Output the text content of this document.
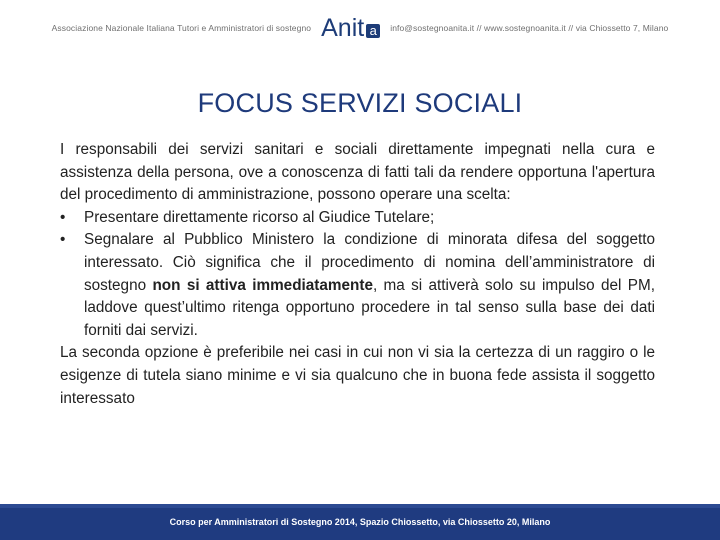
Associazione Nazionale Italiana Tutori e Amministratori di sostegno Anit a	info@sostegnoanita.it // www.sostegnoanita.it // via Chiossetto 7, Milano
FOCUS SERVIZI SOCIALI

I responsabili dei servizi sanitari e sociali direttamente impegnati nella cura e assistenza della persona, ove a conoscenza di fatti tali da rendere opportuna l'apertura del procedimento di amministrazione, possono operare una scelta:

• Presentare direttamente ricorso al Giudice Tutelare;
• Segnalare al Pubblico Ministero la condizione di minorata difesa del soggetto interessato. Ciò significa che il procedimento di nomina dell’amministratore di sostegno non si attiva immediatamente, ma si attiverà solo su impulso del PM, laddove quest’ultimo ritenga opportuno procedere in tal senso sulla base dei dati forniti dai servizi.

La seconda opzione è preferibile nei casi in cui non vi sia la certezza di un raggiro o le esigenze di tutela siano minime e vi sia qualcuno che in buona fede assista il soggetto interessato

Corso per Amministratori di Sostegno 2014, Spazio Chiossetto, via Chiossetto 20, Milano
